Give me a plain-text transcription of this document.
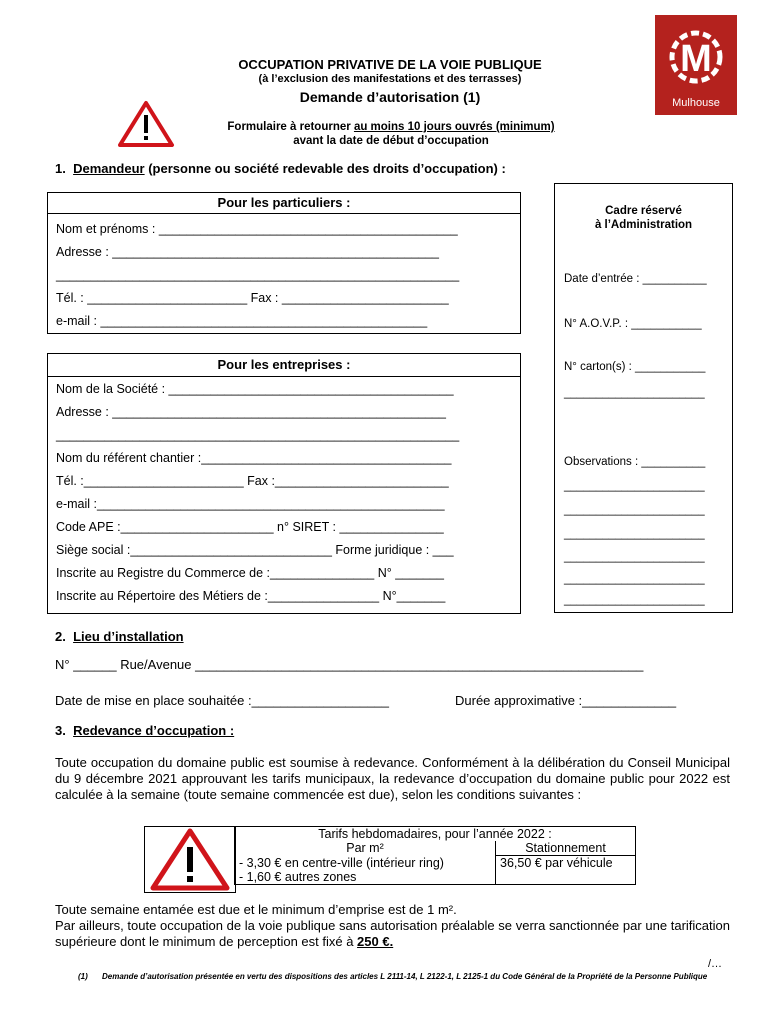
OCCUPATION PRIVATIVE DE LA VOIE PUBLIQUE
(à l’exclusion des manifestations et des terrasses)
Demande d’autorisation (1)
Formulaire à retourner au moins 10 jours ouvrés (minimum)
avant la date de début d’occupation
M
Mulhouse
1. Demandeur (personne ou société redevable des droits d’occupation) :
Pour les particuliers :
Nom et prénoms : ___________________________________________
Adresse : _______________________________________________
__________________________________________________________
Tél. : _______________________ Fax : ________________________
e-mail : _______________________________________________
Pour les entreprises :
Nom de la Société : _________________________________________
Adresse : ________________________________________________
__________________________________________________________
Nom du référent chantier :____________________________________
Tél. :_______________________ Fax :_________________________
e-mail :__________________________________________________
Code APE :______________________ n° SIRET : _______________
Siège social :_____________________________ Forme juridique : ___
Inscrite au Registre du Commerce de :_______________ N° _______
Inscrite au Répertoire des Métiers de :________________ N°_______
Cadre réservé
à l’Administration
Date d’entrée : __________
N° A.O.V.P. : ___________
N° carton(s) : ___________
______________________
Observations : __________
______________________
______________________
______________________
______________________
______________________
______________________
2. Lieu d’installation
N° ______ Rue/Avenue ______________________________________________________________
Date de mise en place souhaitée :___________________	Durée approximative :_____________
3. Redevance d’occupation :
Toute occupation du domaine public est soumise à redevance. Conformément à la délibération du Conseil Municipal du 9 décembre 2021 approuvant les tarifs municipaux, la redevance d’occupation du domaine public pour 2022 est calculée à la semaine (toute semaine commencée est due), selon les conditions suivantes :
Tarifs hebdomadaires, pour l’année 2022 :	
Par m²	Stationnement
- 3,30 € en centre-ville (intérieur ring)	36,50 € par véhicule
- 1,60 € autres zones	
Toute semaine entamée est due et le minimum d’emprise est de 1 m².
Par ailleurs, toute occupation de la voie publique sans autorisation préalable se verra sanctionnée par une tarification supérieure dont le minimum de perception est fixé à 250 €.
/…
(1) Demande d’autorisation présentée en vertu des dispositions des articles L 2111-14, L 2122-1, L 2125-1 du Code Général de la Propriété de la Personne Publique
